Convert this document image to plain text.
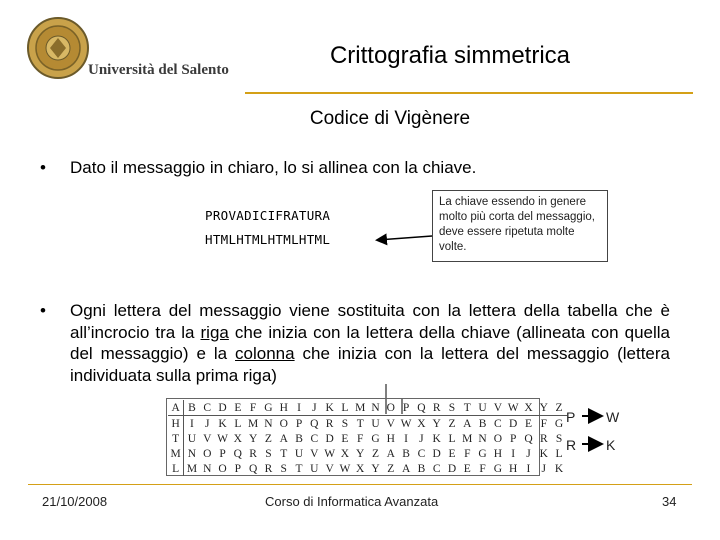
Università del Salento
Crittografia simmetrica
Codice di Vigènere
• Dato il messaggio in chiaro, lo si allinea con la chiave.
PROVADICIFRATURA
HTMLHTMLHTMLHTML
La chiave essendo in genere molto più corta del messaggio, deve essere ripetuta molte volte.
• Ogni lettera del messaggio viene sostituita con la lettera della tabella che è all’incrocio tra la riga che inizia con la lettera della chiave (allineata con quella del messaggio) e la colonna che inizia con la lettera del messaggio (lettera individuata sulla prima riga)
A	B	C	D	E	F	G	H	I	J	K	L	M	N	O	P	Q	R	S	T	U	V	W	X	Y	Z
H	I	J	K	L	M	N	O	P	Q	R	S	T	U	V	W	X	Y	Z	A	B	C	D	E	F	G
T	U	V	W	X	Y	Z	A	B	C	D	E	F	G	H	I	J	K	L	M	N	O	P	Q	R	S
M	N	O	P	Q	R	S	T	U	V	W	X	Y	Z	A	B	C	D	E	F	G	H	I	J	K	L
L	M	N	O	P	Q	R	S	T	U	V	W	X	Y	Z	A	B	C	D	E	F	G	H	I	J	K
P W
R K
21/10/2008	Corso di Informatica Avanzata	34
